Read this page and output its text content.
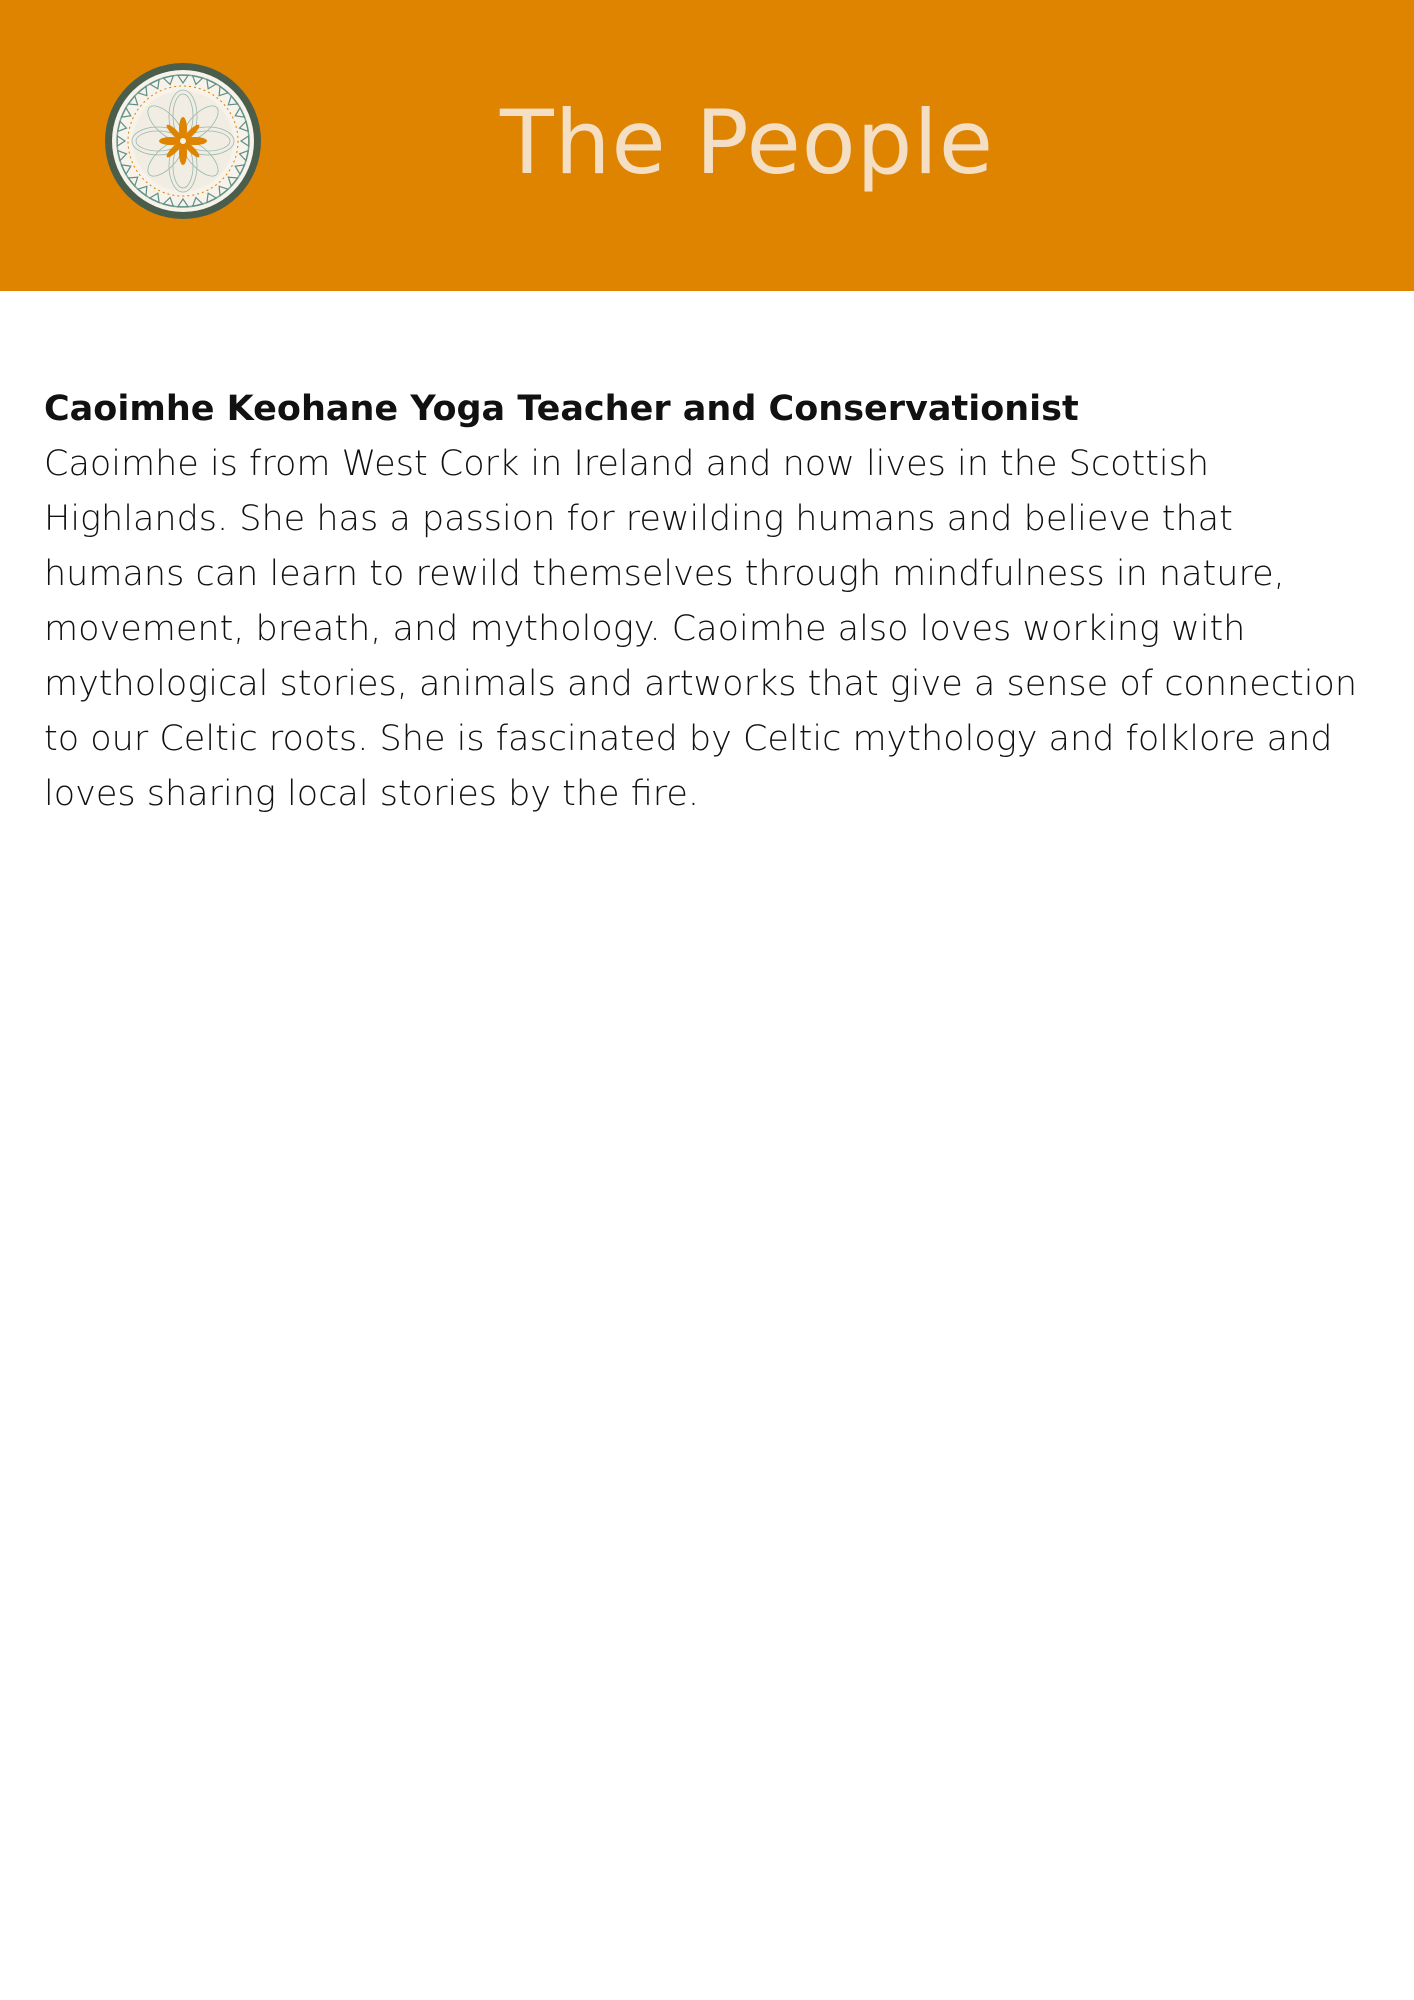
The People

Caoimhe Keohane Yoga Teacher and Conservationist

Caoimhe is from West Cork in Ireland and now lives in the Scottish Highlands. She has a passion for rewilding humans and believe that humans can learn to rewild themselves through mindfulness in nature, movement, breath, and mythology. Caoimhe also loves working with mythological stories, animals and artworks that give a sense of connection to our Celtic roots. She is fascinated by Celtic mythology and folklore and loves sharing local stories by the fire.
